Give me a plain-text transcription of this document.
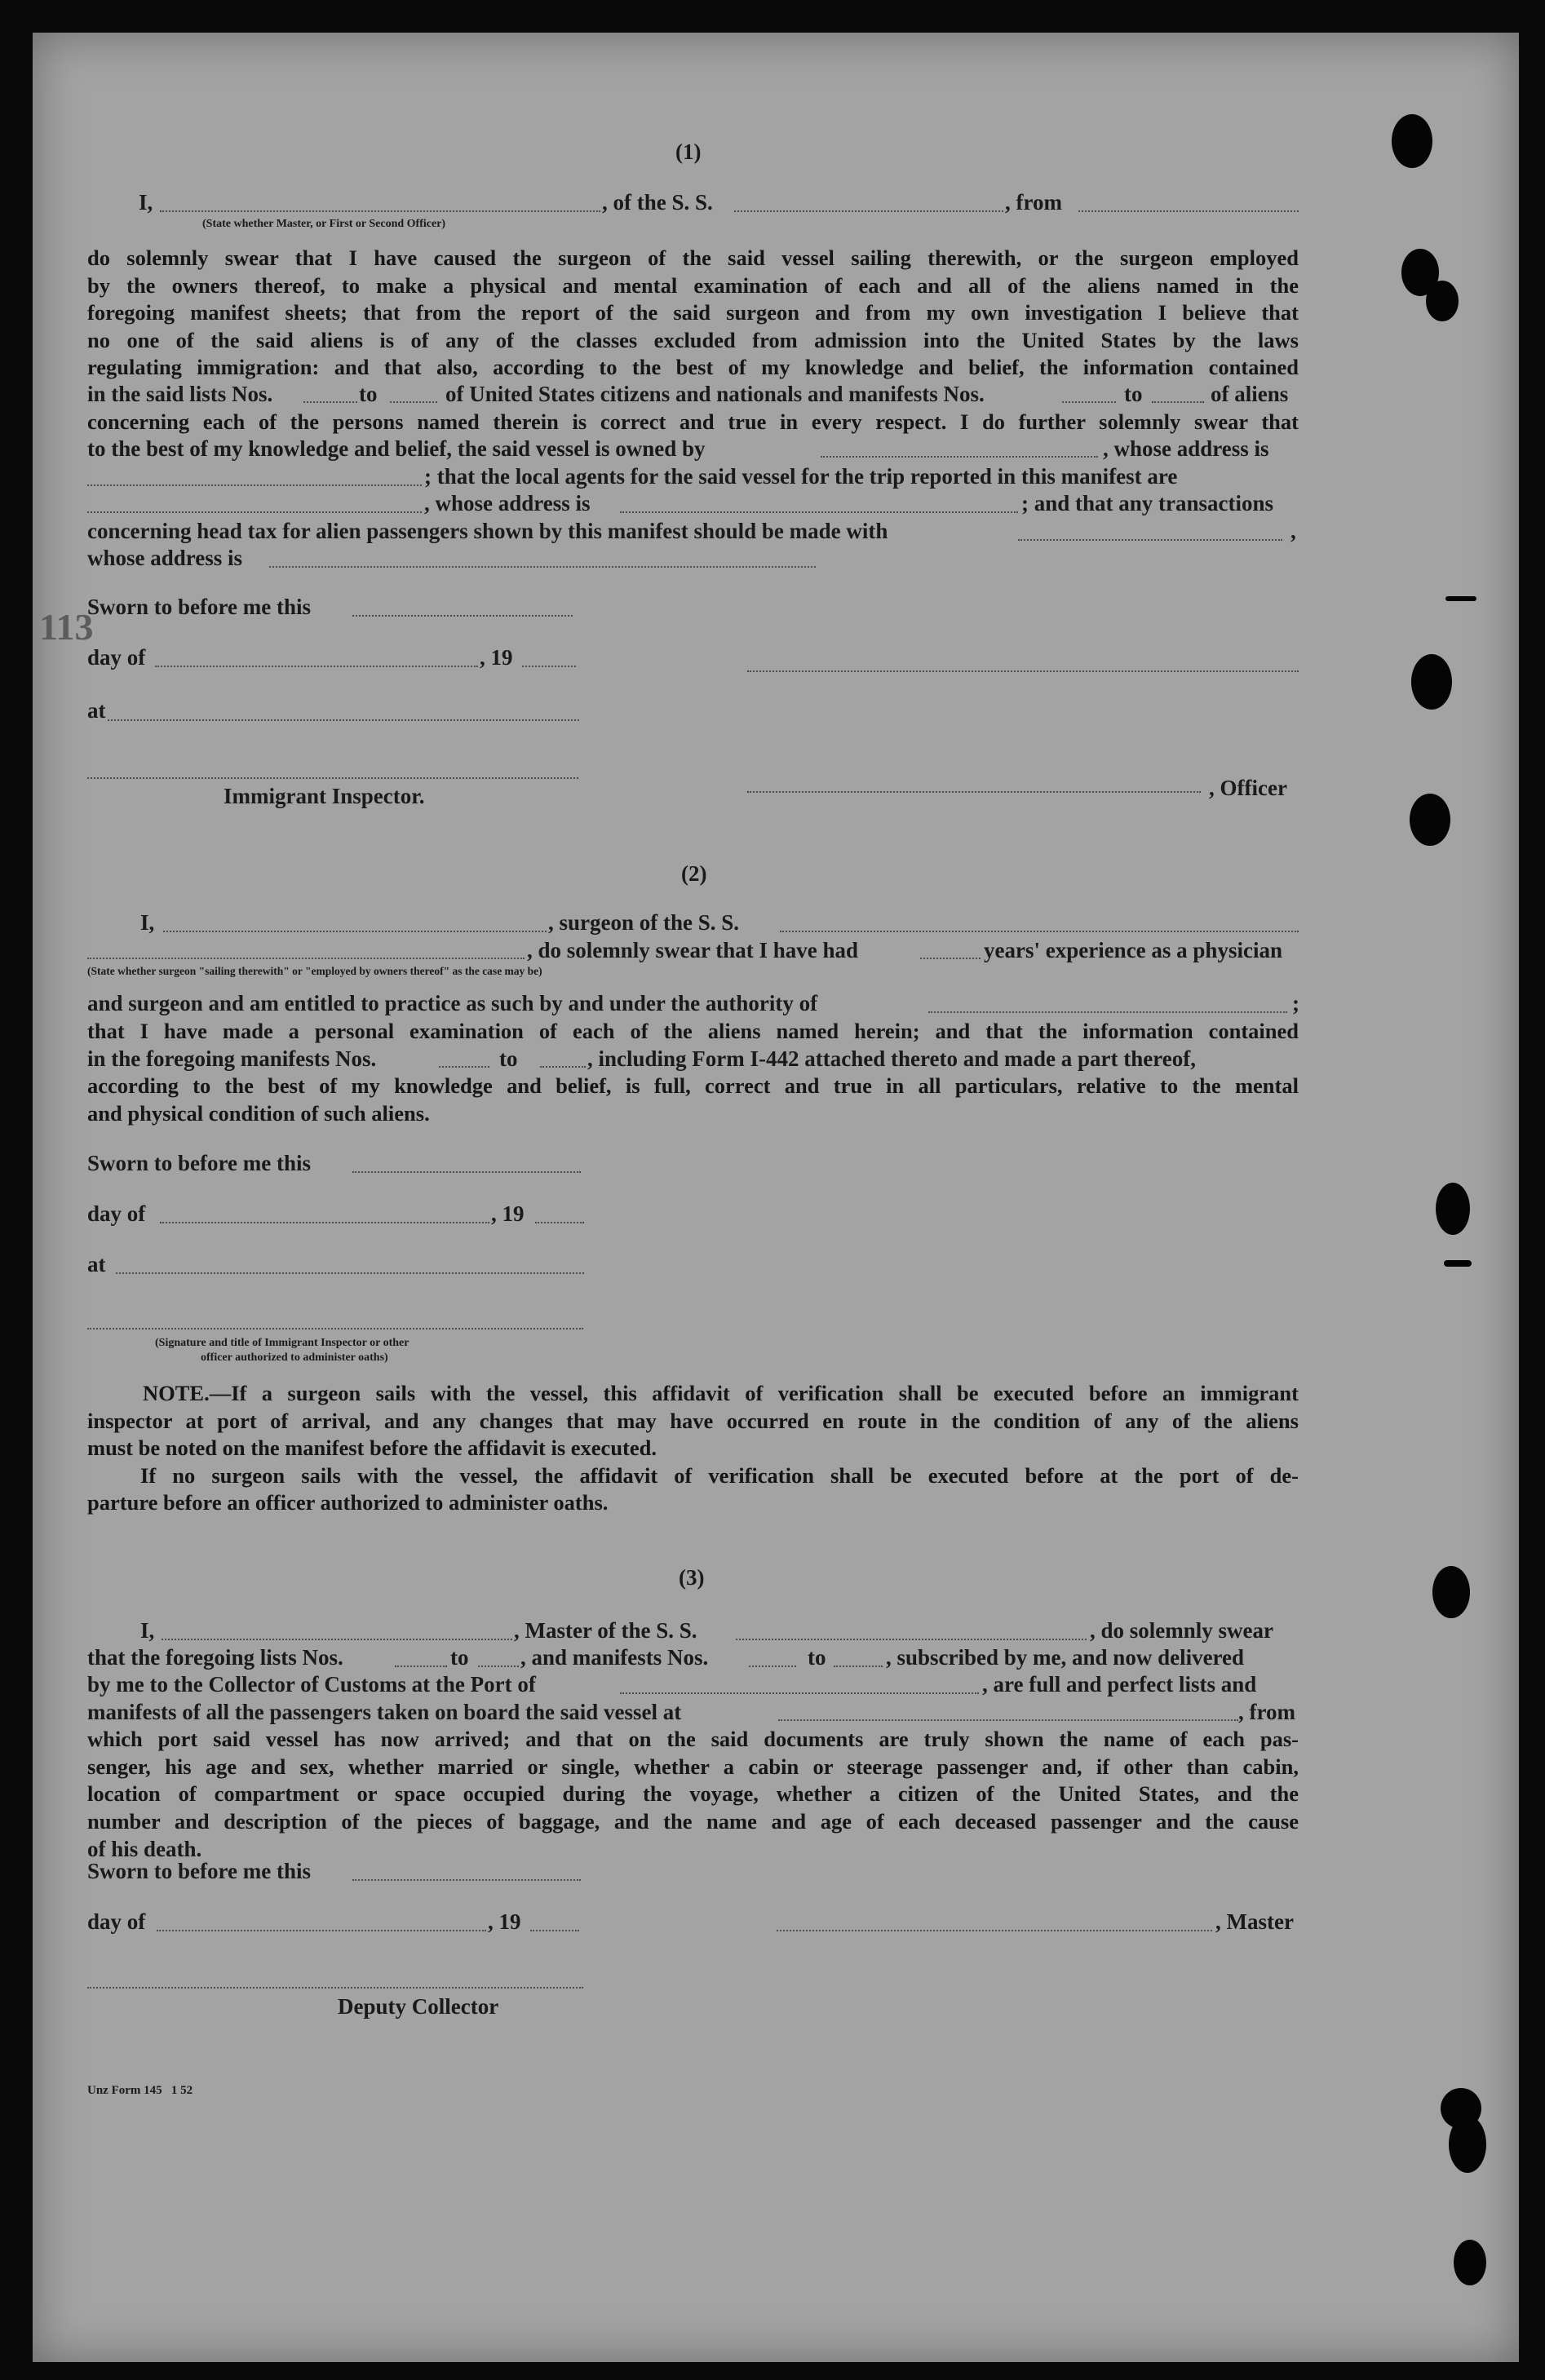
(1)
I,	, of the S. S.	, from
(State whether Master, or First or Second Officer)
do solemnly swear that I have caused the surgeon of the said vessel sailing therewith, or the surgeon employed
by the owners thereof, to make a physical and mental examination of each and all of the aliens named in the
foregoing manifest sheets; that from the report of the said surgeon and from my own investigation I believe that
no one of the said aliens is of any of the classes excluded from admission into the United States by the laws
regulating immigration: and that also, according to the best of my knowledge and belief, the information contained
in the said lists Nos.	to	of United States citizens and nationals and manifests Nos.	to	of aliens
concerning each of the persons named therein is correct and true in every respect. I do further solemnly swear that
to the best of my knowledge and belief, the said vessel is owned by	, whose address is
; that the local agents for the said vessel for the trip reported in this manifest are
, whose address is	; and that any transactions
concerning head tax for alien passengers shown by this manifest should be made with	,
whose address is
Sworn to before me this
113
day of	, 19
at
Immigrant Inspector.	, Officer
(2)
I,	, surgeon of the S. S.
, do solemnly swear that I have had	years' experience as a physician
(State whether surgeon "sailing therewith" or "employed by owners thereof" as the case may be)
and surgeon and am entitled to practice as such by and under the authority of	;
that I have made a personal examination of each of the aliens named herein; and that the information contained
in the foregoing manifests Nos.	to	, including Form I-442 attached thereto and made a part thereof,
according to the best of my knowledge and belief, is full, correct and true in all particulars, relative to the mental
and physical condition of such aliens.
Sworn to before me this
day of	, 19
at
(Signature and title of Immigrant Inspector or other
officer authorized to administer oaths)
NOTE.—If a surgeon sails with the vessel, this affidavit of verification shall be executed before an immigrant
inspector at port of arrival, and any changes that may have occurred en route in the condition of any of the aliens
must be noted on the manifest before the affidavit is executed.
If no surgeon sails with the vessel, the affidavit of verification shall be executed before at the port of de-
parture before an officer authorized to administer oaths.
(3)
I,	, Master of the S. S.	, do solemnly swear
that the foregoing lists Nos.	to , and manifests Nos.	to	, subscribed by me, and now delivered
by me to the Collector of Customs at the Port of	, are full and perfect lists and
manifests of all the passengers taken on board the said vessel at	, from
which port said vessel has now arrived; and that on the said documents are truly shown the name of each pas-
senger, his age and sex, whether married or single, whether a cabin or steerage passenger and, if other than cabin,
location of compartment or space occupied during the voyage, whether a citizen of the United States, and the
number and description of the pieces of baggage, and the name and age of each deceased passenger and the cause
of his death.
Sworn to before me this
day of	, 19	, Master
Deputy Collector
Unz Form 145   1 52
